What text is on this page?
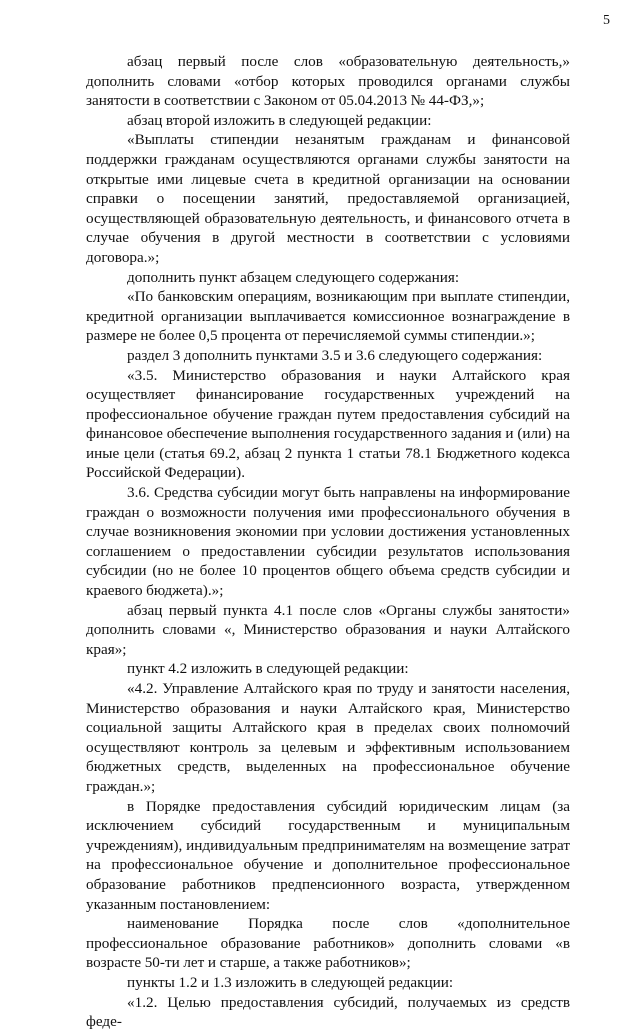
5

абзац первый после слов «образовательную деятельность,» дополнить словами «отбор которых проводился органами службы занятости в соответствии с Законом от 05.04.2013 № 44-ФЗ,»;

абзац второй изложить в следующей редакции:

«Выплаты стипендии незанятым гражданам и финансовой поддержки гражданам осуществляются органами службы занятости на открытые ими лицевые счета в кредитной организации на основании справки о посещении занятий, предоставляемой организацией, осуществляющей образовательную деятельность, и финансового отчета в случае обучения в другой местности в соответствии с условиями договора.»;

дополнить пункт абзацем следующего содержания:

«По банковским операциям, возникающим при выплате стипендии, кредитной организации выплачивается комиссионное вознаграждение в размере не более 0,5 процента от перечисляемой суммы стипендии.»;

раздел 3 дополнить пунктами 3.5 и 3.6 следующего содержания:

«3.5. Министерство образования и науки Алтайского края осуществляет финансирование государственных учреждений на профессиональное обучение граждан путем предоставления субсидий на финансовое обеспечение выполнения государственного задания и (или) на иные цели (статья 69.2, абзац 2 пункта 1 статьи 78.1 Бюджетного кодекса Российской Федерации).

3.6. Средства субсидии могут быть направлены на информирование граждан о возможности получения ими профессионального обучения в случае возникновения экономии при условии достижения установленных соглашением о предоставлении субсидии результатов использования субсидии (но не более 10 процентов общего объема средств субсидии и краевого бюджета).»;

абзац первый пункта 4.1 после слов «Органы службы занятости» дополнить словами «, Министерство образования и науки Алтайского края»;

пункт 4.2 изложить в следующей редакции:

«4.2. Управление Алтайского края по труду и занятости населения, Министерство образования и науки Алтайского края, Министерство социальной защиты Алтайского края в пределах своих полномочий осуществляют контроль за целевым и эффективным использованием бюджетных средств, выделенных на профессиональное обучение граждан.»;

в Порядке предоставления субсидий юридическим лицам (за исключением субсидий государственным и муниципальным учреждениям), индивидуальным предпринимателям на возмещение затрат на профессиональное обучение и дополнительное профессиональное образование работников предпенсионного возраста, утвержденном указанным постановлением:

наименование Порядка после слов «дополнительное профессиональное образование работников» дополнить словами «в возрасте 50-ти лет и старше, а также работников»;

пункты 1.2 и 1.3 изложить в следующей редакции:

«1.2. Целью предоставления субсидий, получаемых из средств феде-
